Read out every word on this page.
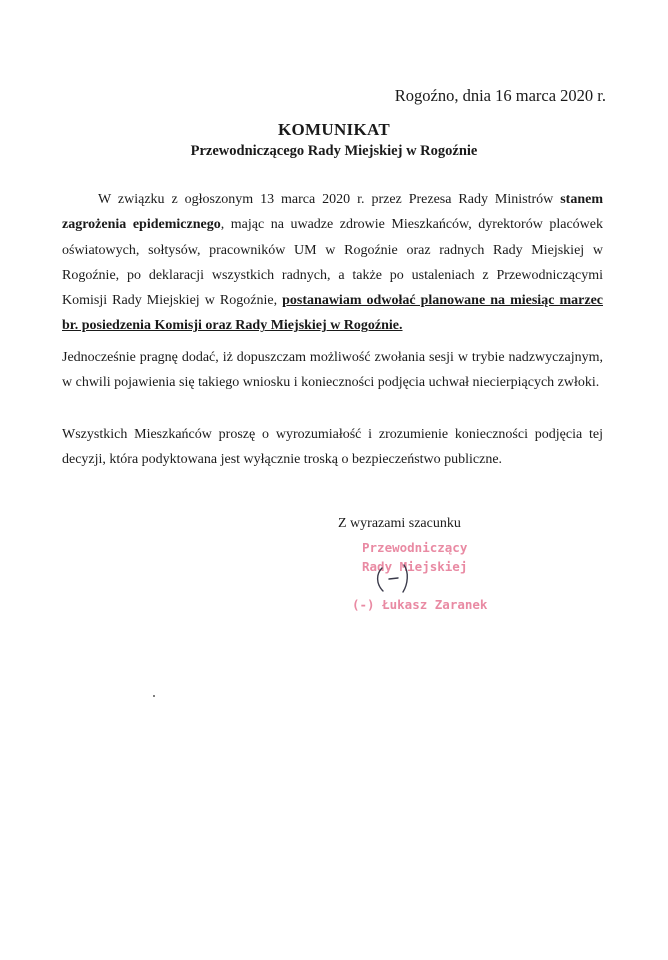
Rogoźno, dnia 16 marca 2020 r.
KOMUNIKAT
Przewodniczącego Rady Miejskiej w Rogoźnie

W związku z ogłoszonym 13 marca 2020 r. przez Prezesa Rady Ministrów stanem zagrożenia epidemicznego, mając na uwadze zdrowie Mieszkańców, dyrektorów placówek oświatowych, sołtysów, pracowników UM w Rogoźnie oraz radnych Rady Miejskiej w Rogoźnie, po deklaracji wszystkich radnych, a także po ustaleniach z Przewodniczącymi Komisji Rady Miejskiej w Rogoźnie, postanawiam odwołać planowane na miesiąc marzec br. posiedzenia Komisji oraz Rady Miejskiej w Rogoźnie.

Jednocześnie pragnę dodać, iż dopuszczam możliwość zwołania sesji w trybie nadzwyczajnym, w chwili pojawienia się takiego wniosku i konieczności podjęcia uchwał niecierpiących zwłoki.

Wszystkich Mieszkańców proszę o wyrozumiałość i zrozumienie konieczności podjęcia tej decyzji, która podyktowana jest wyłącznie troską o bezpieczeństwo publiczne.

Z wyrazami szacunku
Przewodniczący
Rady Miejskiej
(-) Łukasz Zaranek
